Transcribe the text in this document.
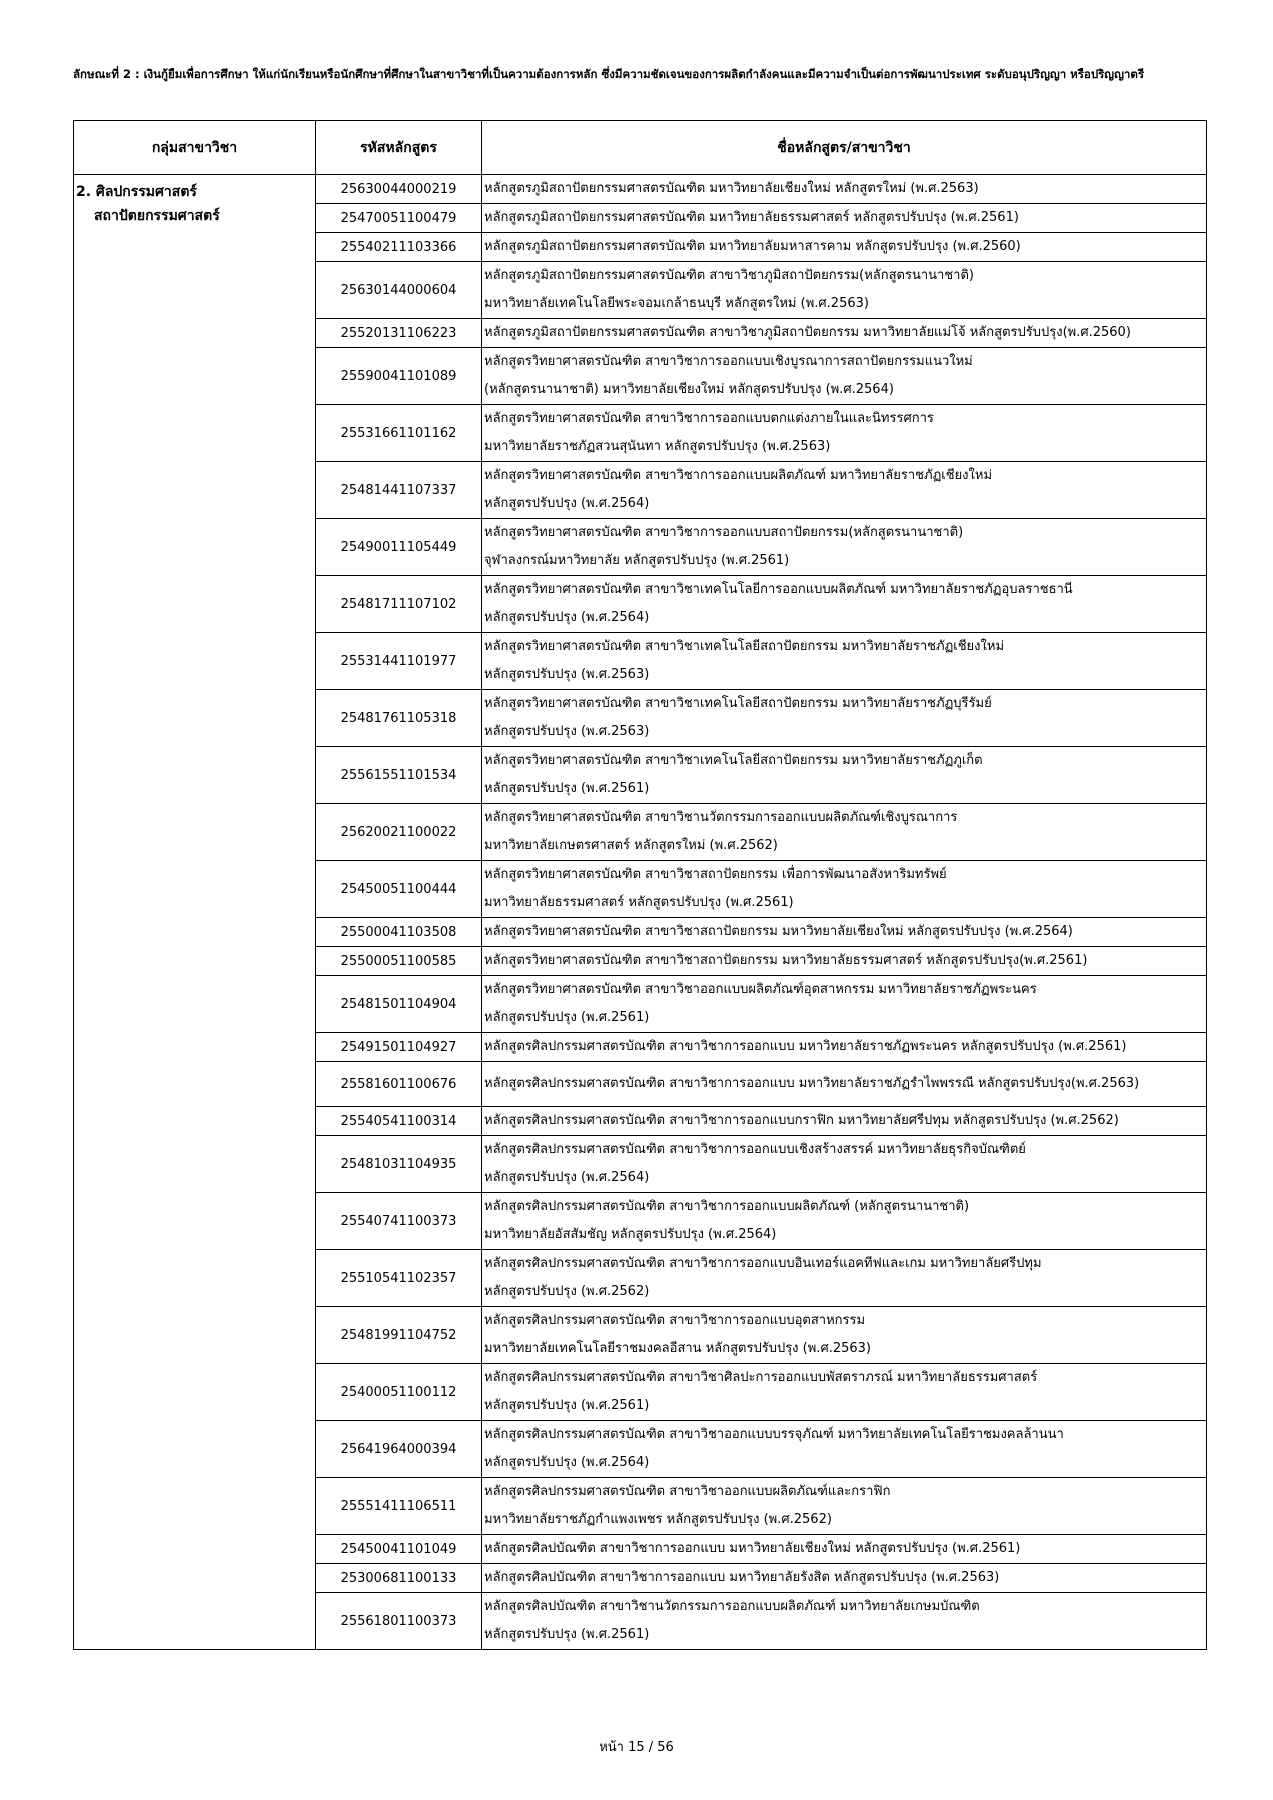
ลักษณะที่ 2 : เงินกู้ยืมเพื่อการศึกษา ให้แก่นักเรียนหรือนักศึกษาที่ศึกษาในสาขาวิชาที่เป็นความต้องการหลัก ซึ่งมีความชัดเจนของการผลิตกำลังคนและมีความจำเป็นต่อการพัฒนาประเทศ ระดับอนุปริญญา หรือปริญญาตรี
กลุ่มสาขาวิชา	รหัสหลักสูตร	ชื่อหลักสูตร/สาขาวิชา

2. ศิลปกรรมศาสตร์
สถาปัตยกรรมศาสตร์	25630044000219	หลักสูตรภูมิสถาปัตยกรรมศาสตรบัณฑิต มหาวิทยาลัยเชียงใหม่ หลักสูตรใหม่ (พ.ศ.2563)

	25470051100479	หลักสูตรภูมิสถาปัตยกรรมศาสตรบัณฑิต มหาวิทยาลัยธรรมศาสตร์ หลักสูตรปรับปรุง (พ.ศ.2561)

	25540211103366	หลักสูตรภูมิสถาปัตยกรรมศาสตรบัณฑิต มหาวิทยาลัยมหาสารคาม หลักสูตรปรับปรุง (พ.ศ.2560)

	25630144000604	หลักสูตรภูมิสถาปัตยกรรมศาสตรบัณฑิต สาขาวิชาภูมิสถาปัตยกรรม(หลักสูตรนานาชาติ)
มหาวิทยาลัยเทคโนโลยีพระจอมเกล้าธนบุรี หลักสูตรใหม่ (พ.ศ.2563)

	25520131106223	หลักสูตรภูมิสถาปัตยกรรมศาสตรบัณฑิต สาขาวิชาภูมิสถาปัตยกรรม มหาวิทยาลัยแม่โจ้ หลักสูตรปรับปรุง(พ.ศ.2560)

	25590041101089	หลักสูตรวิทยาศาสตรบัณฑิต สาขาวิชาการออกแบบเชิงบูรณาการสถาปัตยกรรมแนวใหม่
(หลักสูตรนานาชาติ) มหาวิทยาลัยเชียงใหม่ หลักสูตรปรับปรุง (พ.ศ.2564)

	25531661101162	หลักสูตรวิทยาศาสตรบัณฑิต สาขาวิชาการออกแบบตกแต่งภายในและนิทรรศการ
มหาวิทยาลัยราชภัฏสวนสุนันทา หลักสูตรปรับปรุง (พ.ศ.2563)

	25481441107337	หลักสูตรวิทยาศาสตรบัณฑิต สาขาวิชาการออกแบบผลิตภัณฑ์ มหาวิทยาลัยราชภัฏเชียงใหม่
หลักสูตรปรับปรุง (พ.ศ.2564)

	25490011105449	หลักสูตรวิทยาศาสตรบัณฑิต สาขาวิชาการออกแบบสถาปัตยกรรม(หลักสูตรนานาชาติ)
จุฬาลงกรณ์มหาวิทยาลัย หลักสูตรปรับปรุง (พ.ศ.2561)

	25481711107102	หลักสูตรวิทยาศาสตรบัณฑิต สาขาวิชาเทคโนโลยีการออกแบบผลิตภัณฑ์ มหาวิทยาลัยราชภัฏอุบลราชธานี
หลักสูตรปรับปรุง (พ.ศ.2564)

	25531441101977	หลักสูตรวิทยาศาสตรบัณฑิต สาขาวิชาเทคโนโลยีสถาปัตยกรรม มหาวิทยาลัยราชภัฏเชียงใหม่
หลักสูตรปรับปรุง (พ.ศ.2563)

	25481761105318	หลักสูตรวิทยาศาสตรบัณฑิต สาขาวิชาเทคโนโลยีสถาปัตยกรรม มหาวิทยาลัยราชภัฏบุรีรัมย์
หลักสูตรปรับปรุง (พ.ศ.2563)

	25561551101534	หลักสูตรวิทยาศาสตรบัณฑิต สาขาวิชาเทคโนโลยีสถาปัตยกรรม มหาวิทยาลัยราชภัฏภูเก็ต
หลักสูตรปรับปรุง (พ.ศ.2561)

	25620021100022	หลักสูตรวิทยาศาสตรบัณฑิต สาขาวิชานวัตกรรมการออกแบบผลิตภัณฑ์เชิงบูรณาการ
มหาวิทยาลัยเกษตรศาสตร์ หลักสูตรใหม่ (พ.ศ.2562)

	25450051100444	หลักสูตรวิทยาศาสตรบัณฑิต สาขาวิชาสถาปัตยกรรม เพื่อการพัฒนาอสังหาริมทรัพย์
มหาวิทยาลัยธรรมศาสตร์ หลักสูตรปรับปรุง (พ.ศ.2561)

	25500041103508	หลักสูตรวิทยาศาสตรบัณฑิต สาขาวิชาสถาปัตยกรรม มหาวิทยาลัยเชียงใหม่ หลักสูตรปรับปรุง (พ.ศ.2564)

	25500051100585	หลักสูตรวิทยาศาสตรบัณฑิต สาขาวิชาสถาปัตยกรรม มหาวิทยาลัยธรรมศาสตร์ หลักสูตรปรับปรุง(พ.ศ.2561)

	25481501104904	หลักสูตรวิทยาศาสตรบัณฑิต สาขาวิชาออกแบบผลิตภัณฑ์อุตสาหกรรม มหาวิทยาลัยราชภัฏพระนคร
หลักสูตรปรับปรุง (พ.ศ.2561)

	25491501104927	หลักสูตรศิลปกรรมศาสตรบัณฑิต สาขาวิชาการออกแบบ มหาวิทยาลัยราชภัฏพระนคร หลักสูตรปรับปรุง (พ.ศ.2561)

	25581601100676	หลักสูตรศิลปกรรมศาสตรบัณฑิต สาขาวิชาการออกแบบ มหาวิทยาลัยราชภัฏรำไพพรรณี หลักสูตรปรับปรุง(พ.ศ.2563)

	25540541100314	หลักสูตรศิลปกรรมศาสตรบัณฑิต สาขาวิชาการออกแบบกราฟิก มหาวิทยาลัยศรีปทุม หลักสูตรปรับปรุง (พ.ศ.2562)

	25481031104935	หลักสูตรศิลปกรรมศาสตรบัณฑิต สาขาวิชาการออกแบบเชิงสร้างสรรค์ มหาวิทยาลัยธุรกิจบัณฑิตย์
หลักสูตรปรับปรุง (พ.ศ.2564)

	25540741100373	หลักสูตรศิลปกรรมศาสตรบัณฑิต สาขาวิชาการออกแบบผลิตภัณฑ์ (หลักสูตรนานาชาติ)
มหาวิทยาลัยอัสสัมชัญ หลักสูตรปรับปรุง (พ.ศ.2564)

	25510541102357	หลักสูตรศิลปกรรมศาสตรบัณฑิต สาขาวิชาการออกแบบอินเทอร์แอคทีฟและเกม มหาวิทยาลัยศรีปทุม
หลักสูตรปรับปรุง (พ.ศ.2562)

	25481991104752	หลักสูตรศิลปกรรมศาสตรบัณฑิต สาขาวิชาการออกแบบอุตสาหกรรม
มหาวิทยาลัยเทคโนโลยีราชมงคลอีสาน หลักสูตรปรับปรุง (พ.ศ.2563)

	25400051100112	หลักสูตรศิลปกรรมศาสตรบัณฑิต สาขาวิชาศิลปะการออกแบบพัสตราภรณ์ มหาวิทยาลัยธรรมศาสตร์
หลักสูตรปรับปรุง (พ.ศ.2561)

	25641964000394	หลักสูตรศิลปกรรมศาสตรบัณฑิต สาขาวิชาออกแบบบรรจุภัณฑ์ มหาวิทยาลัยเทคโนโลยีราชมงคลล้านนา
หลักสูตรปรับปรุง (พ.ศ.2564)

	25551411106511	หลักสูตรศิลปกรรมศาสตรบัณฑิต สาขาวิชาออกแบบผลิตภัณฑ์และกราฟิก
มหาวิทยาลัยราชภัฏกำแพงเพชร หลักสูตรปรับปรุง (พ.ศ.2562)

	25450041101049	หลักสูตรศิลปบัณฑิต สาขาวิชาการออกแบบ มหาวิทยาลัยเชียงใหม่ หลักสูตรปรับปรุง (พ.ศ.2561)

	25300681100133	หลักสูตรศิลปบัณฑิต สาขาวิชาการออกแบบ มหาวิทยาลัยรังสิต หลักสูตรปรับปรุง (พ.ศ.2563)

	25561801100373	หลักสูตรศิลปบัณฑิต สาขาวิชานวัตกรรมการออกแบบผลิตภัณฑ์ มหาวิทยาลัยเกษมบัณฑิต
หลักสูตรปรับปรุง (พ.ศ.2561)
หน้า 15 / 56
